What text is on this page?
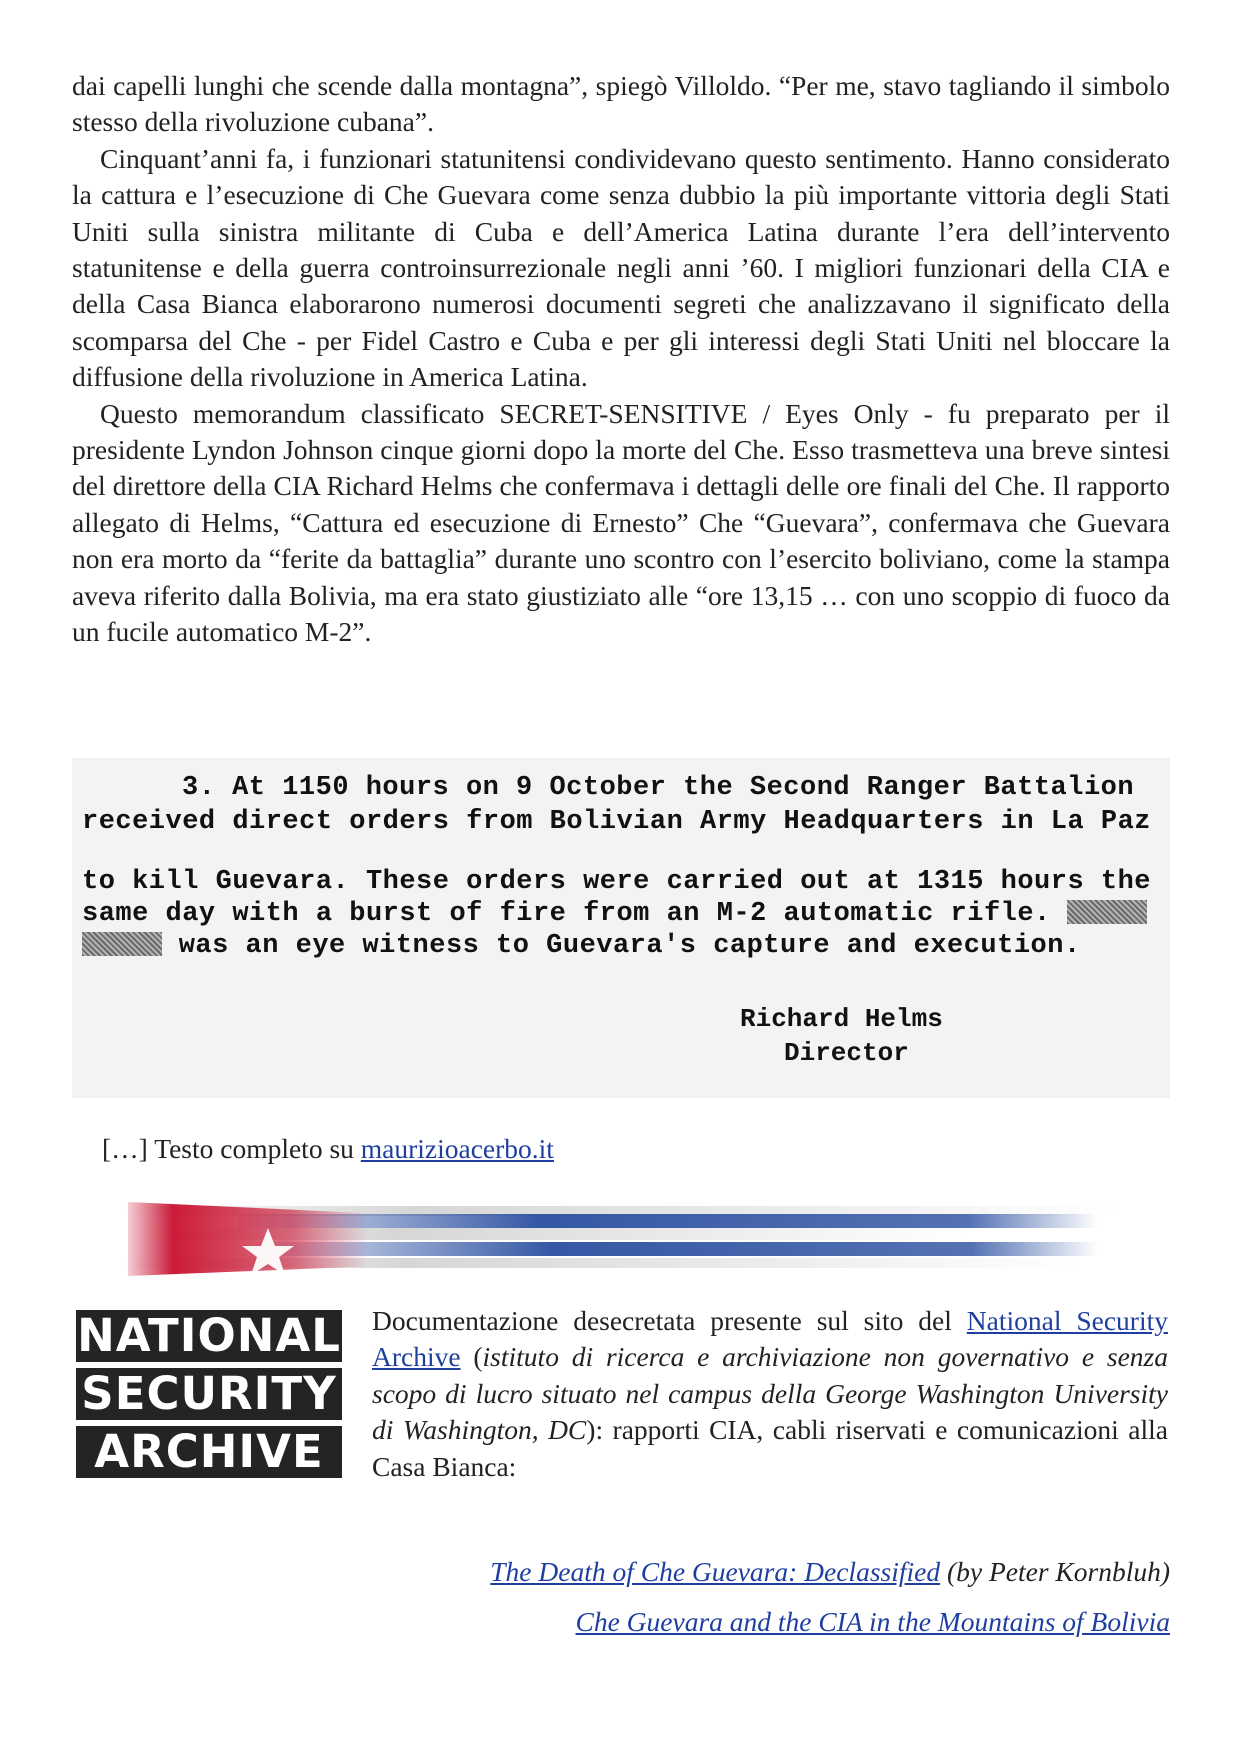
dai capelli lunghi che scende dalla montagna”, spiegò Villoldo. “Per me, stavo tagliando il simbolo stesso della rivoluzione cubana”.

Cinquant’anni fa, i funzionari statunitensi condividevano questo sentimento. Hanno considerato la cattura e l’esecuzione di Che Guevara come senza dubbio la più importante vittoria degli Stati Uniti sulla sinistra militante di Cuba e dell’America Latina durante l’era dell’intervento statunitense e della guerra controinsurrezionale negli anni ’60. I migliori funzionari della CIA e della Casa Bianca elaborarono numerosi documenti segreti che analizzavano il significato della scomparsa del Che - per Fidel Castro e Cuba e per gli interessi degli Stati Uniti nel bloccare la diffusione della rivoluzione in America Latina.

Questo memorandum classificato SECRET-SENSITIVE / Eyes Only - fu preparato per il presidente Lyndon Johnson cinque giorni dopo la morte del Che. Esso trasmetteva una breve sintesi del direttore della CIA Richard Helms che confermava i dettagli delle ore finali del Che. Il rapporto allegato di Helms, “Cattura ed esecuzione di Ernesto” Che “Guevara”, confermava che Guevara non era morto da “ferite da battaglia” durante uno scontro con l’esercito boliviano, come la stampa aveva riferito dalla Bolivia, ma era stato giustiziato alle “ore 13,15 … con uno scoppio di fuoco da un fucile automatico M-2”.

3. At 1150 hours on 9 October the Second Ranger Battalion
received direct orders from Bolivian Army Headquarters in La Paz
to kill Guevara. These orders were carried out at 1315 hours the
same day with a burst of fire from an M-2 automatic rifle.
was an eye witness to Guevara's capture and execution.
Richard Helms
Director
[…] Testo completo su maurizioacerbo.it
NATIONAL
SECURITY
ARCHIVE

Documentazione desecretata presente sul sito del National Security Archive (istituto di ricerca e archiviazione non governativo e senza scopo di lucro situato nel campus della George Washington University di Washington, DC): rapporti CIA, cabli riservati e comunicazioni alla Casa Bianca:

The Death of Che Guevara: Declassified (by Peter Kornbluh)
Che Guevara and the CIA in the Mountains of Bolivia
